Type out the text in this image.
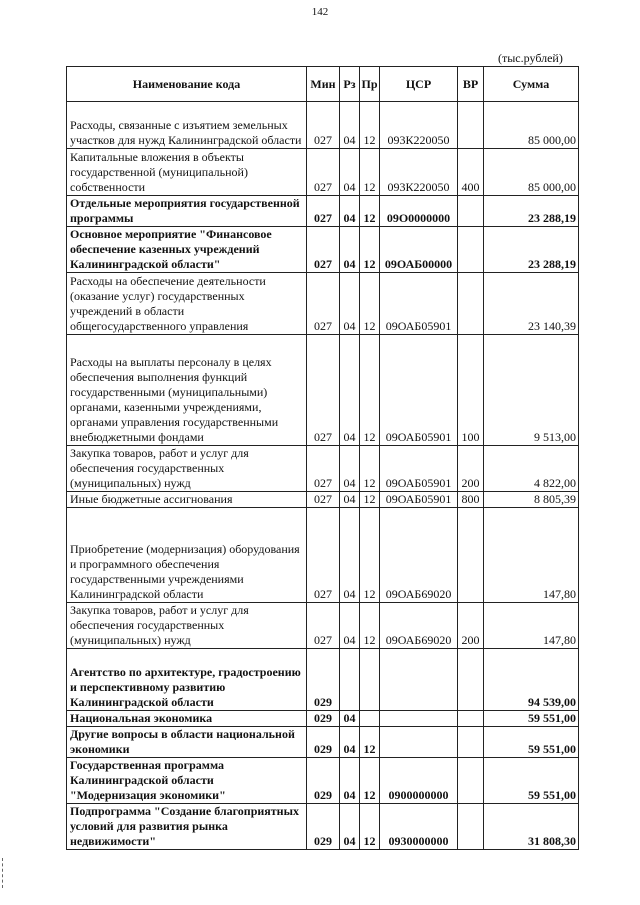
142
(тыс.рублей)
Наименование кода	Мин	Рз	Пр	ЦСР	ВР	Сумма
Расходы, связанные с изъятием земельных участков для нужд Калининградской области	027	04	12	093К220050		85 000,00
Капитальные вложения в объекты государственной (муниципальной) собственности	027	04	12	093К220050	400	85 000,00
Отдельные мероприятия государственной программы	027	04	12	09О0000000		23 288,19
Основное мероприятие "Финансовое обеспечение казенных учреждений Калининградской области"	027	04	12	09ОАБ00000		23 288,19
Расходы на обеспечение деятельности (оказание услуг) государственных учреждений в области общегосударственного управления	027	04	12	09ОАБ05901		23 140,39
Расходы на выплаты персоналу в целях обеспечения выполнения функций государственными (муниципальными) органами, казенными учреждениями, органами управления государственными внебюджетными фондами	027	04	12	09ОАБ05901	100	9 513,00
Закупка товаров, работ и услуг для обеспечения государственных (муниципальных) нужд	027	04	12	09ОАБ05901	200	4 822,00
Иные бюджетные ассигнования	027	04	12	09ОАБ05901	800	8 805,39
Приобретение (модернизация) оборудования и программного обеспечения государственными учреждениями Калининградской области	027	04	12	09ОАБ69020		147,80
Закупка товаров, работ и услуг для обеспечения государственных (муниципальных) нужд	027	04	12	09ОАБ69020	200	147,80
Агентство по архитектуре, градостроению и перспективному развитию Калининградской области	029					94 539,00
Национальная экономика	029	04				59 551,00
Другие вопросы в области национальной экономики	029	04	12			59 551,00
Государственная программа Калининградской области "Модернизация экономики"	029	04	12	0900000000		59 551,00
Подпрограмма "Создание благоприятных условий для развития рынка недвижимости"	029	04	12	0930000000		31 808,30
